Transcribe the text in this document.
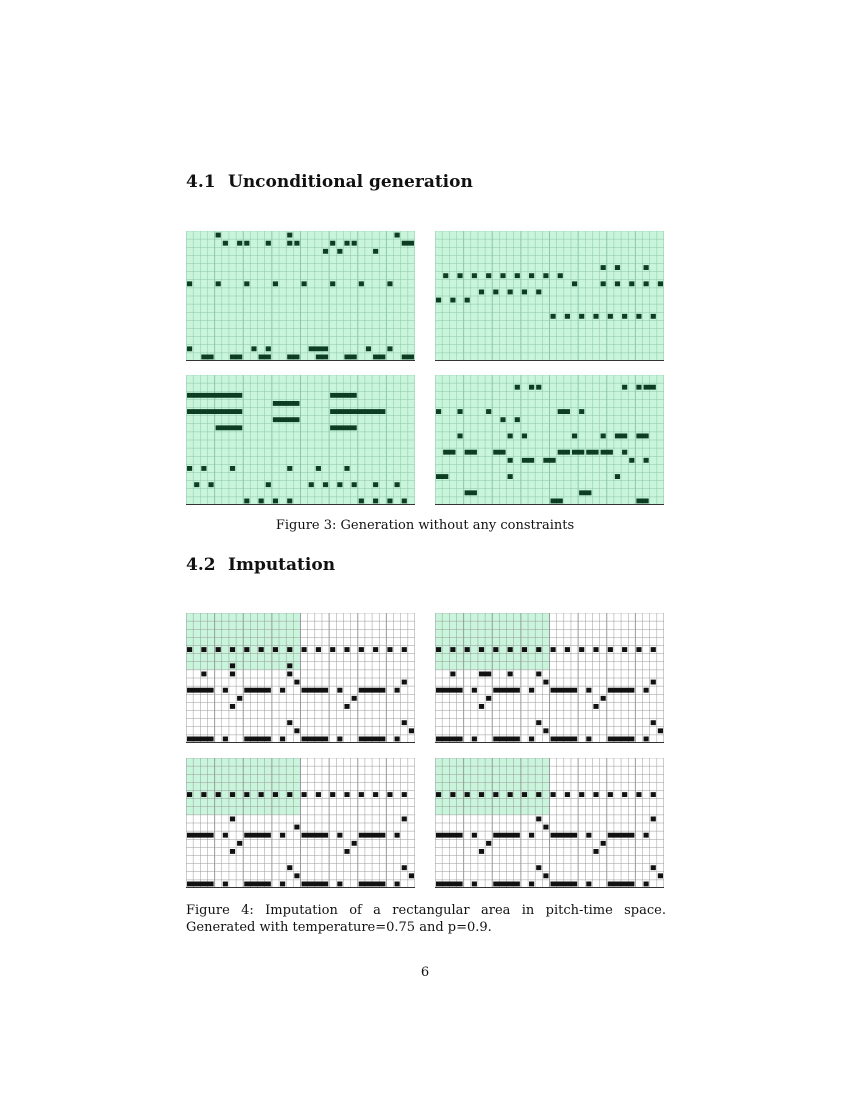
4.1 Unconditional generation

Figure 3: Generation without any constraints

4.2 Imputation

Figure 4: Imputation of a rectangular area in pitch-time space. Generated with temperature=0.75 and p=0.9.

6
